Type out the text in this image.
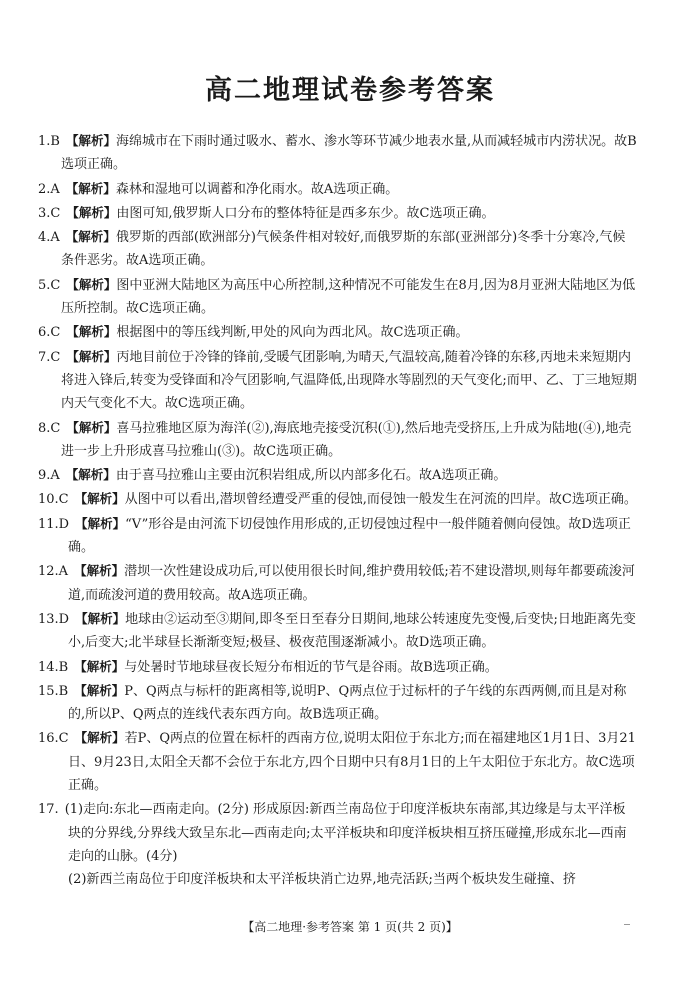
高二地理试卷参考答案

1.B 【解析】海绵城市在下雨时通过吸水、蓄水、渗水等环节减少地表水量,从而减轻城市内涝状况。故B选项正确。

2.A 【解析】森林和湿地可以调蓄和净化雨水。故A选项正确。

3.C 【解析】由图可知,俄罗斯人口分布的整体特征是西多东少。故C选项正确。

4.A 【解析】俄罗斯的西部(欧洲部分)气候条件相对较好,而俄罗斯的东部(亚洲部分)冬季十分寒冷,气候条件恶劣。故A选项正确。

5.C 【解析】图中亚洲大陆地区为高压中心所控制,这种情况不可能发生在8月,因为8月亚洲大陆地区为低压所控制。故C选项正确。

6.C 【解析】根据图中的等压线判断,甲处的风向为西北风。故C选项正确。

7.C 【解析】丙地目前位于冷锋的锋前,受暖气团影响,为晴天,气温较高,随着冷锋的东移,丙地未来短期内将进入锋后,转变为受锋面和冷气团影响,气温降低,出现降水等剧烈的天气变化;而甲、乙、丁三地短期内天气变化不大。故C选项正确。

8.C 【解析】喜马拉雅地区原为海洋(②),海底地壳接受沉积(①),然后地壳受挤压,上升成为陆地(④),地壳进一步上升形成喜马拉雅山(③)。故C选项正确。

9.A 【解析】由于喜马拉雅山主要由沉积岩组成,所以内部多化石。故A选项正确。

10.C 【解析】从图中可以看出,潜坝曾经遭受严重的侵蚀,而侵蚀一般发生在河流的凹岸。故C选项正确。

11.D 【解析】“V”形谷是由河流下切侵蚀作用形成的,正切侵蚀过程中一般伴随着侧向侵蚀。故D选项正确。

12.A 【解析】潜坝一次性建设成功后,可以使用很长时间,维护费用较低;若不建设潜坝,则每年都要疏浚河道,而疏浚河道的费用较高。故A选项正确。

13.D 【解析】地球由②运动至③期间,即冬至日至春分日期间,地球公转速度先变慢,后变快;日地距离先变小,后变大;北半球昼长渐渐变短;极昼、极夜范围逐渐减小。故D选项正确。

14.B 【解析】与处暑时节地球昼夜长短分布相近的节气是谷雨。故B选项正确。

15.B 【解析】P、Q两点与标杆的距离相等,说明P、Q两点位于过标杆的子午线的东西两侧,而且是对称的,所以P、Q两点的连线代表东西方向。故B选项正确。

16.C 【解析】若P、Q两点的位置在标杆的西南方位,说明太阳位于东北方;而在福建地区1月1日、3月21日、9月23日,太阳全天都不会位于东北方,四个日期中只有8月1日的上午太阳位于东北方。故C选项正确。

17. (1)走向:东北—西南走向。(2分) 形成原因:新西兰南岛位于印度洋板块东南部,其边缘是与太平洋板块的分界线,分界线大致呈东北—西南走向;太平洋板块和印度洋板块相互挤压碰撞,形成东北—西南走向的山脉。(4分)

(2)新西兰南岛位于印度洋板块和太平洋板块消亡边界,地壳活跃;当两个板块发生碰撞、挤

【高二地理·参考答案 第 1 页(共 2 页)】
